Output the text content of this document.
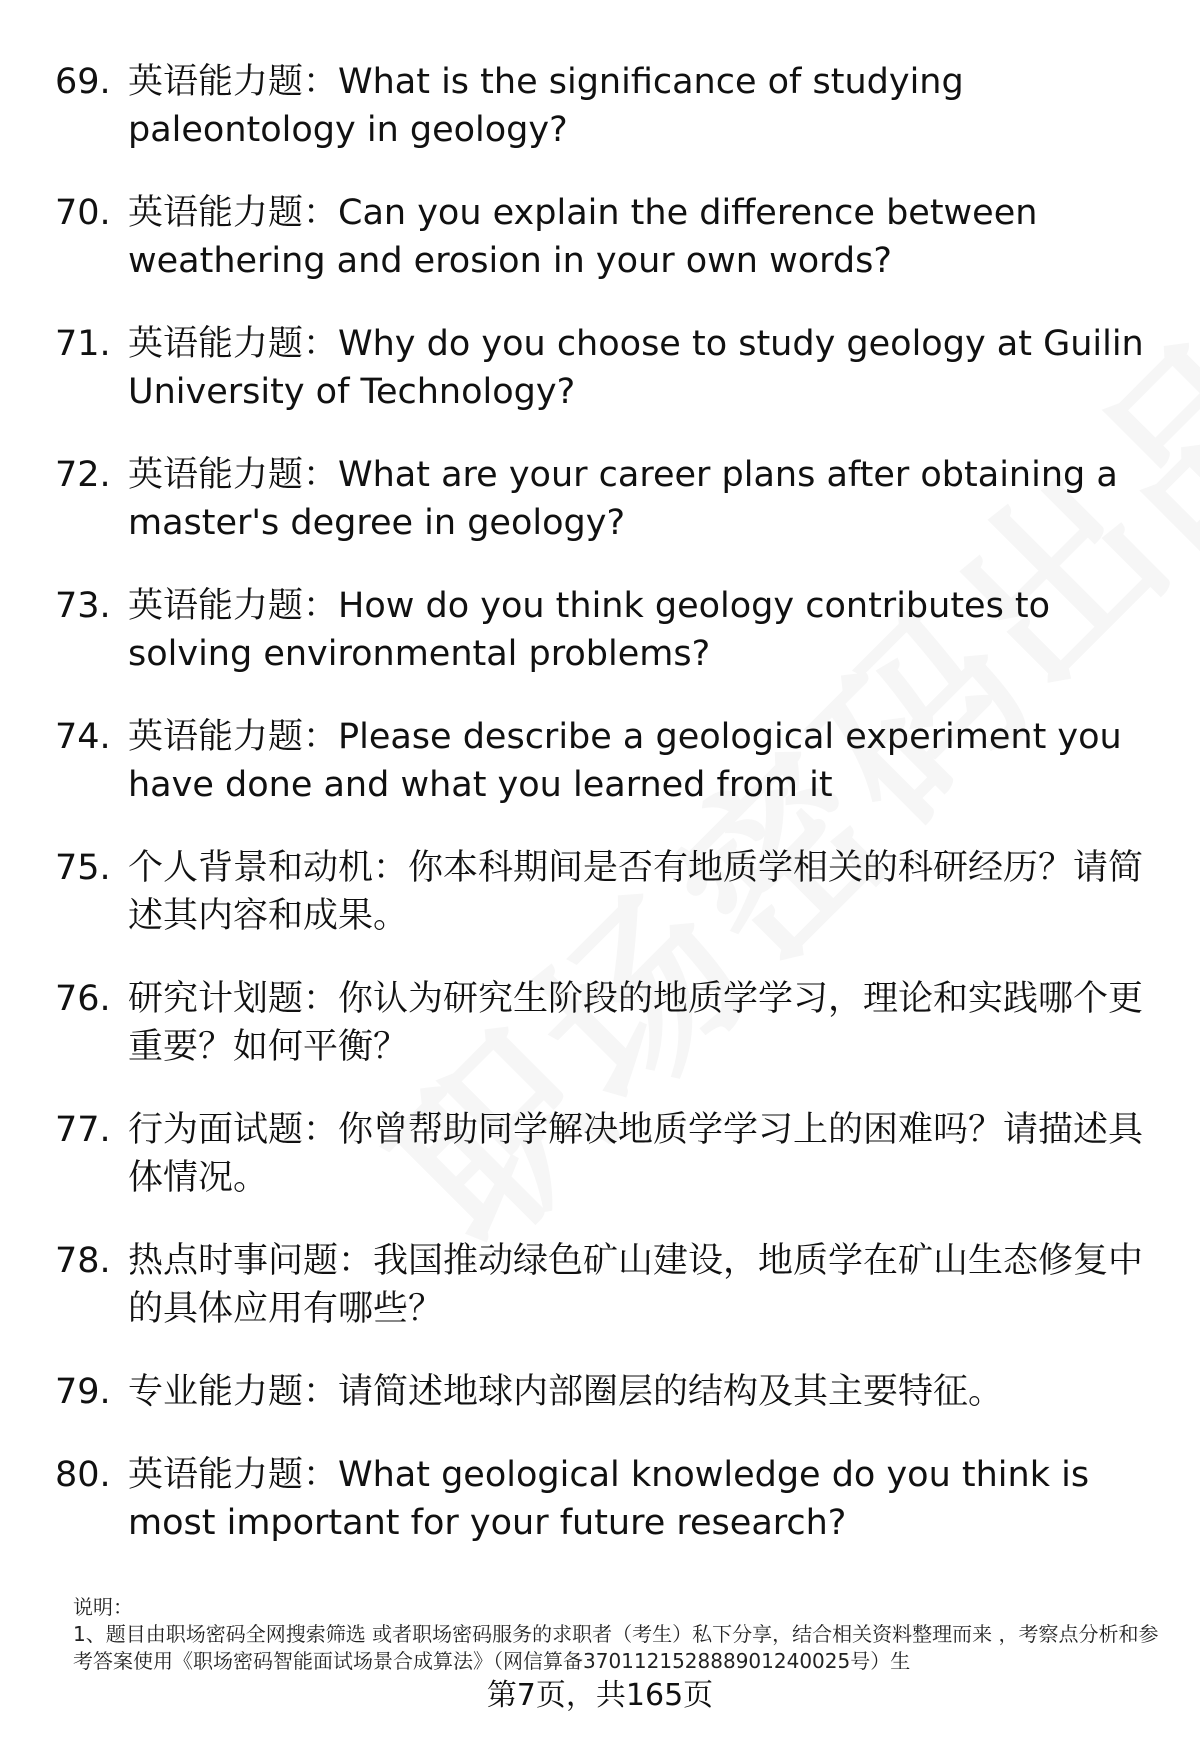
69. 英语能力题：What is the significance of studying paleontology in geology?
70. 英语能力题：Can you explain the difference between weathering and erosion in your own words?
71. 英语能力题：Why do you choose to study geology at Guilin University of Technology?
72. 英语能力题：What are your career plans after obtaining a master's degree in geology?
73. 英语能力题：How do you think geology contributes to solving environmental problems?
74. 英语能力题：Please describe a geological experiment you have done and what you learned from it
75. 个人背景和动机：你本科期间是否有地质学相关的科研经历？请简述其内容和成果。
76. 研究计划题：你认为研究生阶段的地质学学习，理论和实践哪个更重要？如何平衡？
77. 行为面试题：你曾帮助同学解决地质学学习上的困难吗？请描述具体情况。
78. 热点时事问题：我国推动绿色矿山建设，地质学在矿山生态修复中的具体应用有哪些？
79. 专业能力题：请简述地球内部圈层的结构及其主要特征。
80. 英语能力题：What geological knowledge do you think is most important for your future research?
说明：
1、题目由职场密码全网搜索筛选 或者职场密码服务的求职者（考生）私下分享，结合相关资料整理而来 ，考察点分析和参考答案使用《职场密码智能面试场景合成算法》（网信算备370112152888901240025号）生
第7页，共165页
